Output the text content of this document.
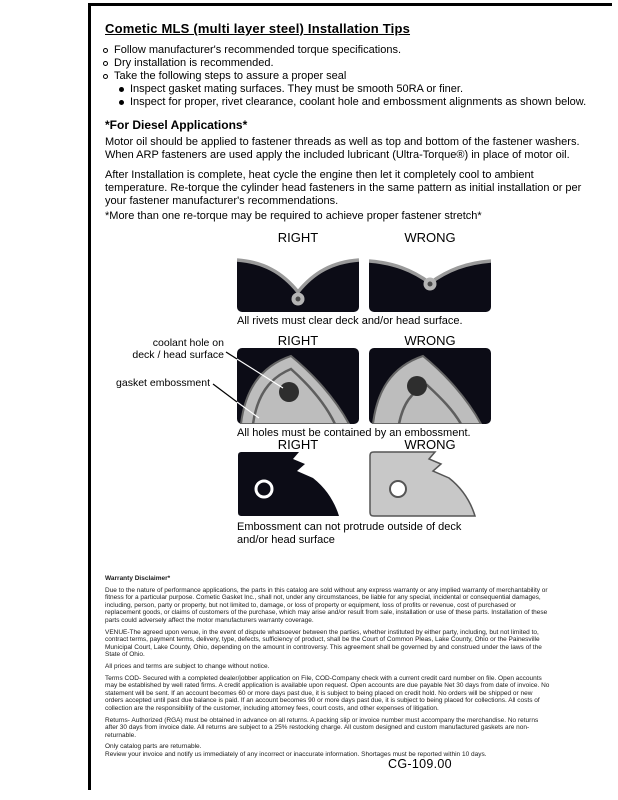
Cometic MLS (multi layer steel) Installation Tips
Follow manufacturer's recommended torque specifications.
Dry installation is recommended.
Take the following steps to assure a proper seal
Inspect gasket mating surfaces. They must be smooth 50RA or finer.
Inspect for proper, rivet clearance, coolant hole and embossment alignments as shown below.
*For Diesel Applications*
Motor oil should be applied to fastener threads as well as top and bottom of the fastener washers. When ARP fasteners are used apply the included lubricant (Ultra-Torque®) in place of motor oil.
After Installation is complete, heat cycle the engine then let it completely cool to ambient temperature. Re-torque the cylinder head fasteners in the same pattern as initial installation or per your fastener manufacturer's recommendations.
*More than one re-torque may be required to achieve proper fastener stretch*
RIGHT	WRONG
All rivets must clear deck and/or head surface.
RIGHT	WRONG
coolant hole on
deck / head surface
gasket embossment
All holes must be contained by an embossment.
RIGHT	WRONG
Embossment can not protrude outside of deck and/or head surface
Warranty Disclaimer*
Due to the nature of performance applications, the parts in this catalog are sold without any express warranty or any implied warranty of merchantability or fitness for a particular purpose. Cometic Gasket Inc., shall not, under any circumstances, be liable for any special, incidental or consequential damages, including, person, party or property, but not limited to, damage, or loss of property or equipment, loss of profits or revenue, cost of purchased or replacement goods, or claims of customers of the purchase, which may arise and/or result from sale, installation or use of these parts. Installation of these parts could adversely affect the motor manufacturers warranty coverage.
VENUE-The agreed upon venue, in the event of dispute whatsoever between the parties, whether instituted by either party, including, but not limited to, contract terms, payment terms, delivery, type, defects, sufficiency of product, shall be the Court of Common Pleas, Lake County, Ohio or the Painesville Municipal Court, Lake County, Ohio, depending on the amount in controversy. This agreement shall be governed by and construed under the laws of the State of Ohio.
All prices and terms are subject to change without notice.
Terms COD- Secured with a completed dealer/jobber application on File, COD-Company check with a current credit card number on file. Open accounts may be established by well rated firms. A credit application is available upon request. Open accounts are due payable Net 30 days from date of invoice. No statement will be sent. If an account becomes 60 or more days past due, it is subject to being placed on credit hold. No orders will be shipped or new orders accepted until past due balance is paid. If an account becomes 90 or more days past due, it is subject to being placed for collections. All costs of collection are the responsibility of the customer, including attorney fees, court costs, and other expenses of litigation.
Returns- Authorized (RGA) must be obtained in advance on all returns. A packing slip or invoice number must accompany the merchandise. No returns after 30 days from invoice date. All returns are subject to a 25% restocking charge. All custom designed and custom manufactured gaskets are non-returnable.
Only catalog parts are returnable.
Review your invoice and notify us immediately of any incorrect or inaccurate information. Shortages must be reported within 10 days.
CG-109.00
